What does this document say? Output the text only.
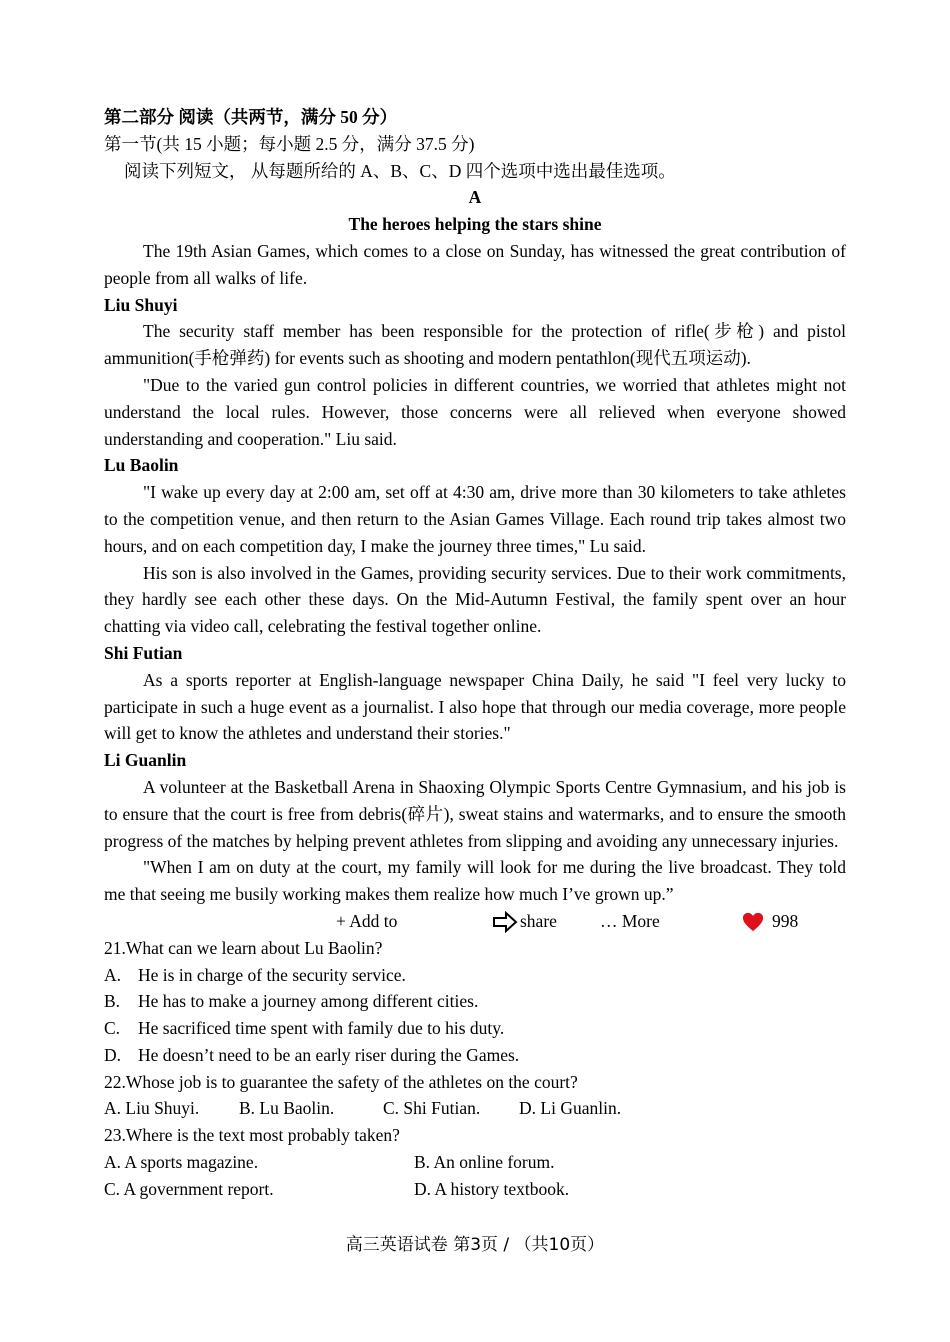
第二部分 阅读（共两节，满分 50 分）
第一节(共 15 小题；每小题 2.5 分，满分 37.5 分)
阅读下列短文， 从每题所给的 A、B、C、D 四个选项中选出最佳选项。
A
The heroes helping the stars shine
The 19th Asian Games, which comes to a close on Sunday, has witnessed the great contribution of people from all walks of life.
Liu Shuyi
The security staff member has been responsible for the protection of rifle(步枪) and pistol ammunition(手枪弹药) for events such as shooting and modern pentathlon(现代五项运动).
"Due to the varied gun control policies in different countries, we worried that athletes might not understand the local rules. However, those concerns were all relieved when everyone showed understanding and cooperation." Liu said.
Lu Baolin
"I wake up every day at 2:00 am, set off at 4:30 am, drive more than 30 kilometers to take athletes to the competition venue, and then return to the Asian Games Village. Each round trip takes almost two hours, and on each competition day, I make the journey three times," Lu said.
His son is also involved in the Games, providing security services. Due to their work commitments, they hardly see each other these days. On the Mid-Autumn Festival, the family spent over an hour chatting via video call, celebrating the festival together online.
Shi Futian
As a sports reporter at English-language newspaper China Daily, he said "I feel very lucky to participate in such a huge event as a journalist. I also hope that through our media coverage, more people will get to know the athletes and understand their stories."
Li Guanlin
A volunteer at the Basketball Arena in Shaoxing Olympic Sports Centre Gymnasium, and his job is to ensure that the court is free from debris(碎片), sweat stains and watermarks, and to ensure the smooth progress of the matches by helping prevent athletes from slipping and avoiding any unnecessary injuries.
"When I am on duty at the court, my family will look for me during the live broadcast. They told me that seeing me busily working makes them realize how much I’ve grown up.”
+ Add to	share … More	998
21.What can we learn about Lu Baolin?
A. He is in charge of the security service.
B. He has to make a journey among different cities.
C. He sacrificed time spent with family due to his duty.
D. He doesn’t need to be an early riser during the Games.
22.Whose job is to guarantee the safety of the athletes on the court?
A. Liu Shuyi. B. Lu Baolin.	C. Shi Futian. D. Li Guanlin.
23.Where is the text most probably taken?
A. A sports magazine.	B. An online forum.
C. A government report.	D. A history textbook.
高三英语试卷 第3页 / （共10页）
